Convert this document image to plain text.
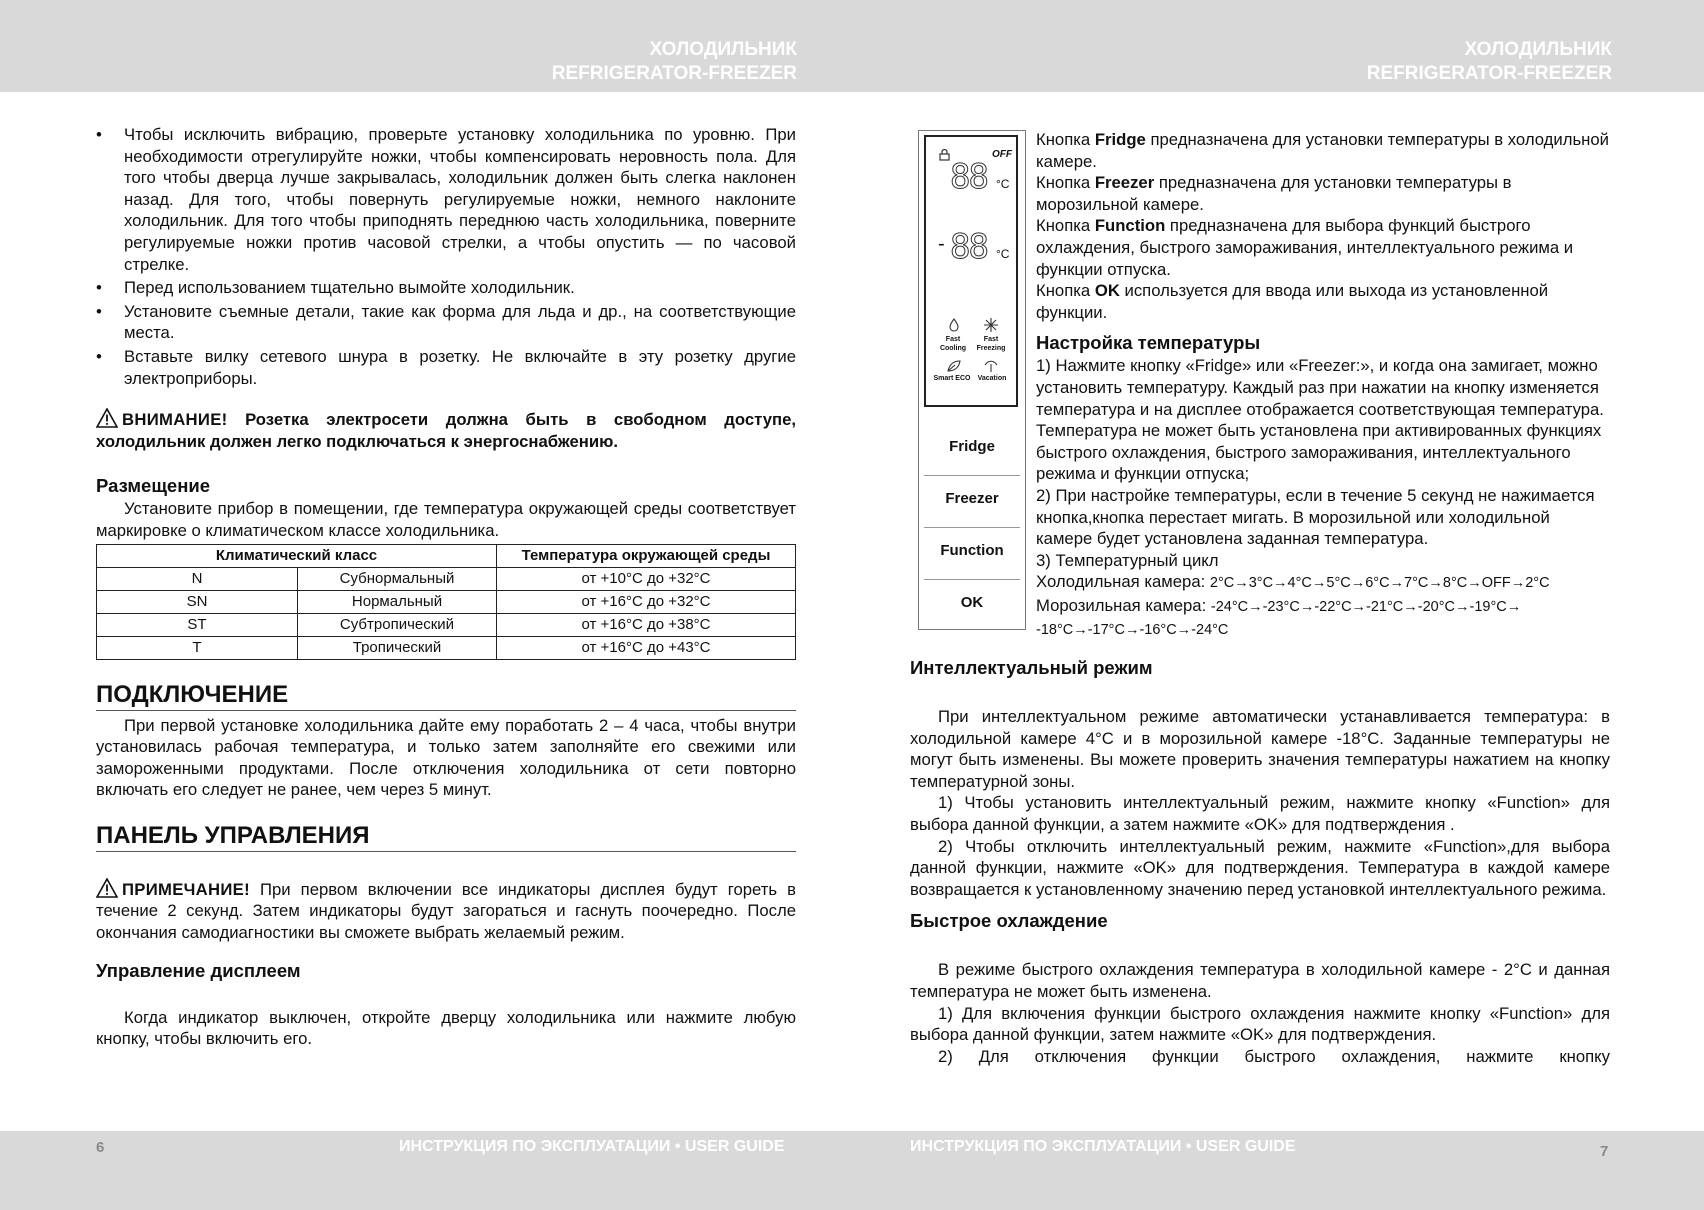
ХОЛОДИЛЬНИК
REFRIGERATOR-FREEZER
ХОЛОДИЛЬНИК
REFRIGERATOR-FREEZER
6	ИНСТРУКЦИЯ ПО ЭКСПЛУАТАЦИИ • USER GUIDE	ИНСТРУКЦИЯ ПО ЭКСПЛУАТАЦИИ • USER GUIDE	7
• Чтобы исключить вибрацию, проверьте установку холодильника по уровню. При необходимости отрегулируйте ножки, чтобы компенсировать неровность пола. Для того чтобы дверца лучше закрывалась, холодильник должен быть слегка наклонен назад. Для того, чтобы повернуть регулируемые ножки, немного наклоните холодильник. Для того чтобы приподнять переднюю часть холодильника, поверните регулируемые ножки против часовой стрелки, а чтобы опустить — по часовой стрелке.
• Перед использованием тщательно вымойте холодильник.
• Установите съемные детали, такие как форма для льда и др., на соответствующие места.
• Вставьте вилку сетевого шнура в розетку. Не включайте в эту розетку другие электроприборы.

ВНИМАНИЕ! Розетка электросети должна быть в свободном доступе, холодильник должен легко подключаться к энергоснабжению.

Размещение

Установите прибор в помещении, где температура окружающей среды соответствует маркировке о климатическом классе холодильника.

Климатический класс		Температура окружающей среды
N	Субнормальный	от +10°C до +32°C
SN	Нормальный	от +16°C до +32°C
ST	Субтропический	от +16°C до +38°C
T	Тропический	от +16°C до +43°C
ПОДКЛЮЧЕНИЕ

При первой установке холодильника дайте ему поработать 2 – 4 часа, чтобы внутри установилась рабочая температура, и только затем заполняйте его свежими или замороженными продуктами. После отключения холодильника от сети повторно включать его следует не ранее, чем через 5 минут.

ПАНЕЛЬ УПРАВЛЕНИЯ

ПРИМЕЧАНИЕ! При первом включении все индикаторы дисплея будут гореть в течение 2 секунд. Затем индикаторы будут загораться и гаснуть поочередно. После окончания самодиагностики вы сможете выбрать желаемый режим.

Управление дисплеем

Когда индикатор выключен, откройте дверцу холодильника или нажмите любую кнопку, чтобы включить его.

OFF
88 °C
- 88 °C
Fast
Cooling
Fast
Freezing
Smart ECO	Vacation
Fridge
Freezer
Function
OK

Кнопка Fridge предназначена для установки температуры в холодильной камере.

Кнопка Freezer предназначена для установки температуры в морозильной камере.

Кнопка Function предназначена для выбора функций быстрого охлаждения, быстрого замораживания, интеллектуального режима и функции отпуска.

Кнопка OK используется для ввода или выхода из установленной функции.

Настройка температуры

1) Нажмите кнопку «Fridge» или «Freezer:», и когда она замигает, можно установить температуру. Каждый раз при нажатии на кнопку изменяется температура и на дисплее отображается соответствующая температура. Температура не может быть установлена при активированных функциях быстрого охлаждения, быстрого замораживания, интеллектуального режима и функции отпуска;

2) При настройке температуры, если в течение 5 секунд не нажимается кнопка,кнопка перестает мигать. В морозильной или холодильной камере будет установлена заданная температура.

3) Температурный цикл

Холодильная камера: 2°C→3°C→4°C→5°C→6°C→7°C→8°C→OFF→2°C

Морозильная камера: -24°C→-23°C→-22°C→-21°C→-20°C→-19°C→ -18°C→-17°C→-16°C→-24°C

Интеллектуальный режим

При интеллектуальном режиме автоматически устанавливается температура: в холодильной камере 4°C и в морозильной камере -18°C. Заданные температуры не могут быть изменены. Вы можете проверить значения температуры нажатием на кнопку температурной зоны.

1) Чтобы установить интеллектуальный режим, нажмите кнопку «Function» для выбора данной функции, а затем нажмите «OK» для подтверждения .

2) Чтобы отключить интеллектуальный режим, нажмите «Function»,для выбора данной функции, нажмите «OK» для подтверждения. Температура в каждой камере возвращается к установленному значению перед установкой интеллектуального режима.

Быстрое охлаждение

В режиме быстрого охлаждения температура в холодильной камере - 2°C и данная температура не может быть изменена.

1) Для включения функции быстрого охлаждения нажмите кнопку «Function» для выбора данной функции, затем нажмите «OK» для подтверждения.

2) Для отключения функции быстрого охлаждения, нажмите кнопку
